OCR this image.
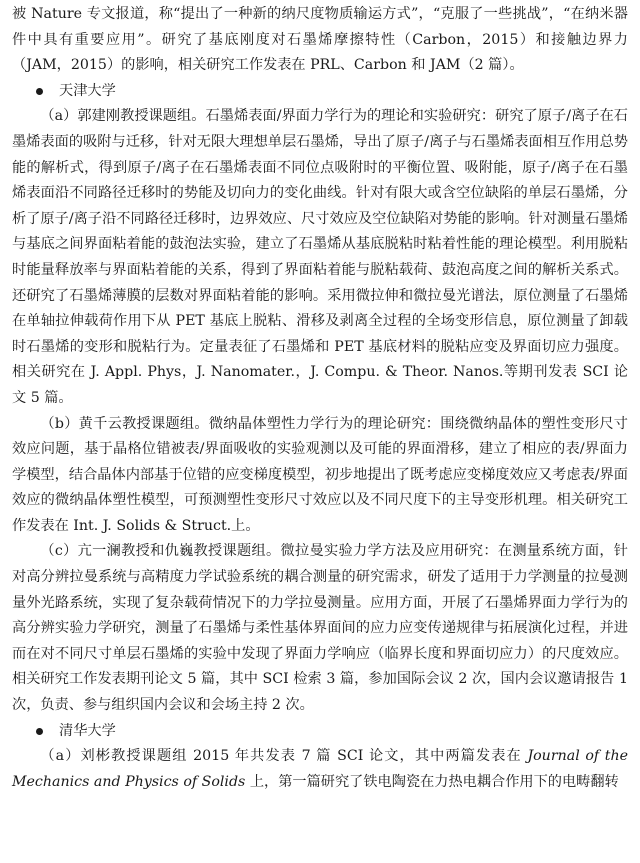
被 Nature 专文报道，称“提出了一种新的纳尺度物质输运方式”，“克服了一些挑战”，“在纳米器件中具有重要应用”。研究了基底刚度对石墨烯摩擦特性（Carbon，2015）和接触边界力（JAM，2015）的影响，相关研究工作发表在 PRL、Carbon 和 JAM（2 篇）。

天津大学

（a）郭建刚教授课题组。石墨烯表面/界面力学行为的理论和实验研究：研究了原子/离子在石墨烯表面的吸附与迁移，针对无限大理想单层石墨烯，导出了原子/离子与石墨烯表面相互作用总势能的解析式，得到原子/离子在石墨烯表面不同位点吸附时的平衡位置、吸附能，原子/离子在石墨烯表面沿不同路径迁移时的势能及切向力的变化曲线。针对有限大或含空位缺陷的单层石墨烯，分析了原子/离子沿不同路径迁移时，边界效应、尺寸效应及空位缺陷对势能的影响。针对测量石墨烯与基底之间界面粘着能的鼓泡法实验，建立了石墨烯从基底脱粘时粘着性能的理论模型。利用脱粘时能量释放率与界面粘着能的关系，得到了界面粘着能与脱粘载荷、鼓泡高度之间的解析关系式。还研究了石墨烯薄膜的层数对界面粘着能的影响。采用微拉伸和微拉曼光谱法，原位测量了石墨烯在单轴拉伸载荷作用下从 PET 基底上脱粘、滑移及剥离全过程的全场变形信息，原位测量了卸载时石墨烯的变形和脱粘行为。定量表征了石墨烯和 PET 基底材料的脱粘应变及界面切应力强度。相关研究在 J. Appl. Phys，J. Nanomater.，J. Compu. & Theor. Nanos.等期刊发表 SCI 论文 5 篇。

（b）黄千云教授课题组。微纳晶体塑性力学行为的理论研究：围绕微纳晶体的塑性变形尺寸效应问题，基于晶格位错被表/界面吸收的实验观测以及可能的界面滑移，建立了相应的表/界面力学模型，结合晶体内部基于位错的应变梯度模型，初步地提出了既考虑应变梯度效应又考虑表/界面效应的微纳晶体塑性模型，可预测塑性变形尺寸效应以及不同尺度下的主导变形机理。相关研究工作发表在 Int. J. Solids & Struct.上。

（c）亢一澜教授和仇巍教授课题组。微拉曼实验力学方法及应用研究：在测量系统方面，针对高分辨拉曼系统与高精度力学试验系统的耦合测量的研究需求，研发了适用于力学测量的拉曼测量外光路系统，实现了复杂载荷情况下的力学拉曼测量。应用方面，开展了石墨烯界面力学行为的高分辨实验力学研究，测量了石墨烯与柔性基体界面间的应力应变传递规律与拓展演化过程，并进而在对不同尺寸单层石墨烯的实验中发现了界面力学响应（临界长度和界面切应力）的尺度效应。相关研究工作发表期刊论文 5 篇，其中 SCI 检索 3 篇，参加国际会议 2 次，国内会议邀请报告 1 次，负责、参与组织国内会议和会场主持 2 次。

清华大学

（a）刘彬教授课题组 2015 年共发表 7 篇 SCI 论文，其中两篇发表在 Journal of the Mechanics and Physics of Solids 上，第一篇研究了铁电陶瓷在力热电耦合作用下的电畴翻转
